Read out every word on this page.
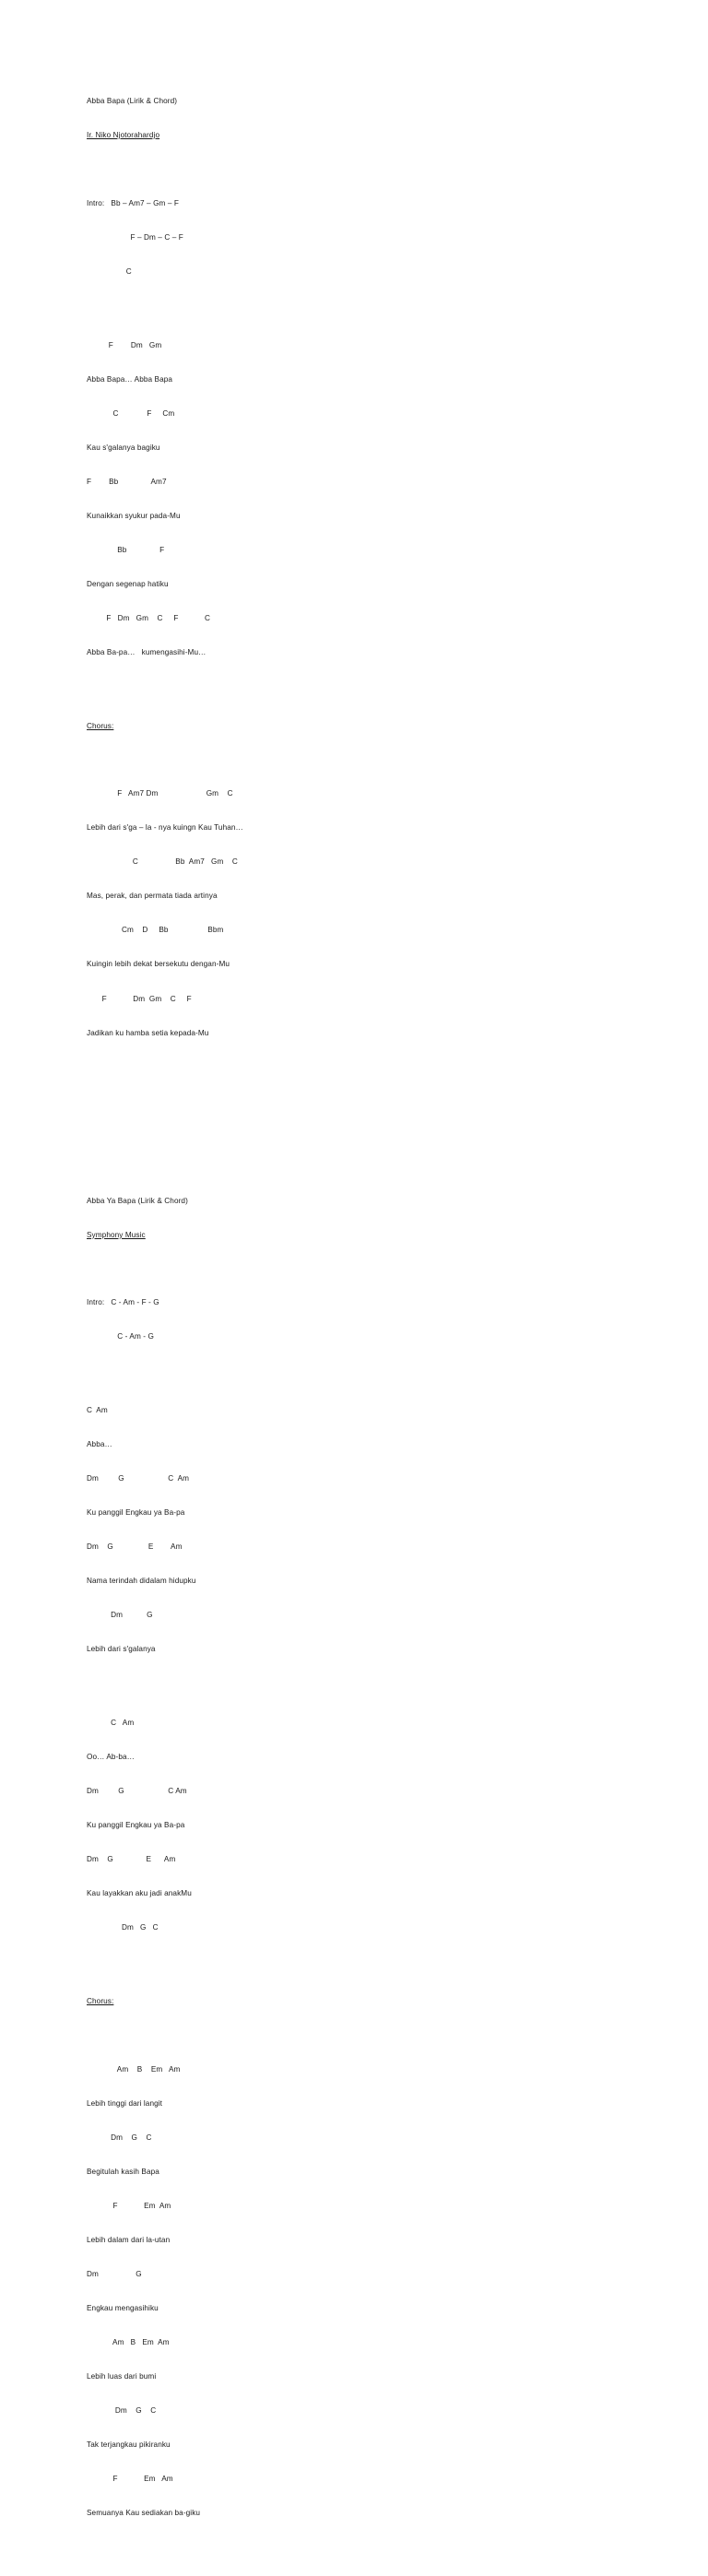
Abba Bapa (Lirik & Chord)

Ir. Niko Njotorahardjo

Intro:   Bb – Am7 – Gm – F

F – Dm – C – F

C

F        Dm   Gm

Abba Bapa… Abba Bapa

C             F     Cm

Kau s'galanya bagiku

F        Bb               Am7

Kunaikkan syukur pada-Mu

Bb               F

Dengan segenap hatiku

F   Dm   Gm    C     F            C

Abba Ba-pa…   kumengasihi-Mu…

Chorus:

F   Am7 Dm                      Gm    C

Lebih dari s'ga – la - nya kuingn Kau Tuhan…

C                 Bb  Am7   Gm    C

Mas, perak, dan permata tiada artinya

Cm    D     Bb                  Bbm

Kuingin lebih dekat bersekutu dengan-Mu

F            Dm  Gm    C     F

Jadikan ku hamba setia kepada-Mu

Abba Ya Bapa (Lirik & Chord)

Symphony Music

Intro:   C - Am - F - G

C - Am - G

C  Am

Abba…

Dm         G                    C  Am

Ku panggil Engkau ya Ba-pa

Dm    G                E        Am

Nama terindah didalam hidupku

Dm           G

Lebih dari s'galanya

C   Am

Oo… Ab-ba…

Dm         G                    C Am

Ku panggil Engkau ya Ba-pa

Dm    G               E      Am

Kau layakkan aku jadi anakMu

Dm   G   C

Chorus:

Am    B    Em   Am

Lebih tinggi dari langit

Dm    G    C

Begitulah kasih Bapa

F            Em  Am

Lebih dalam dari la-utan

Dm                 G

Engkau mengasihiku

Am   B   Em  Am

Lebih luas dari bumi

Dm    G    C

Tak terjangkau pikiranku

F            Em   Am

Semuanya Kau sediakan ba-giku
